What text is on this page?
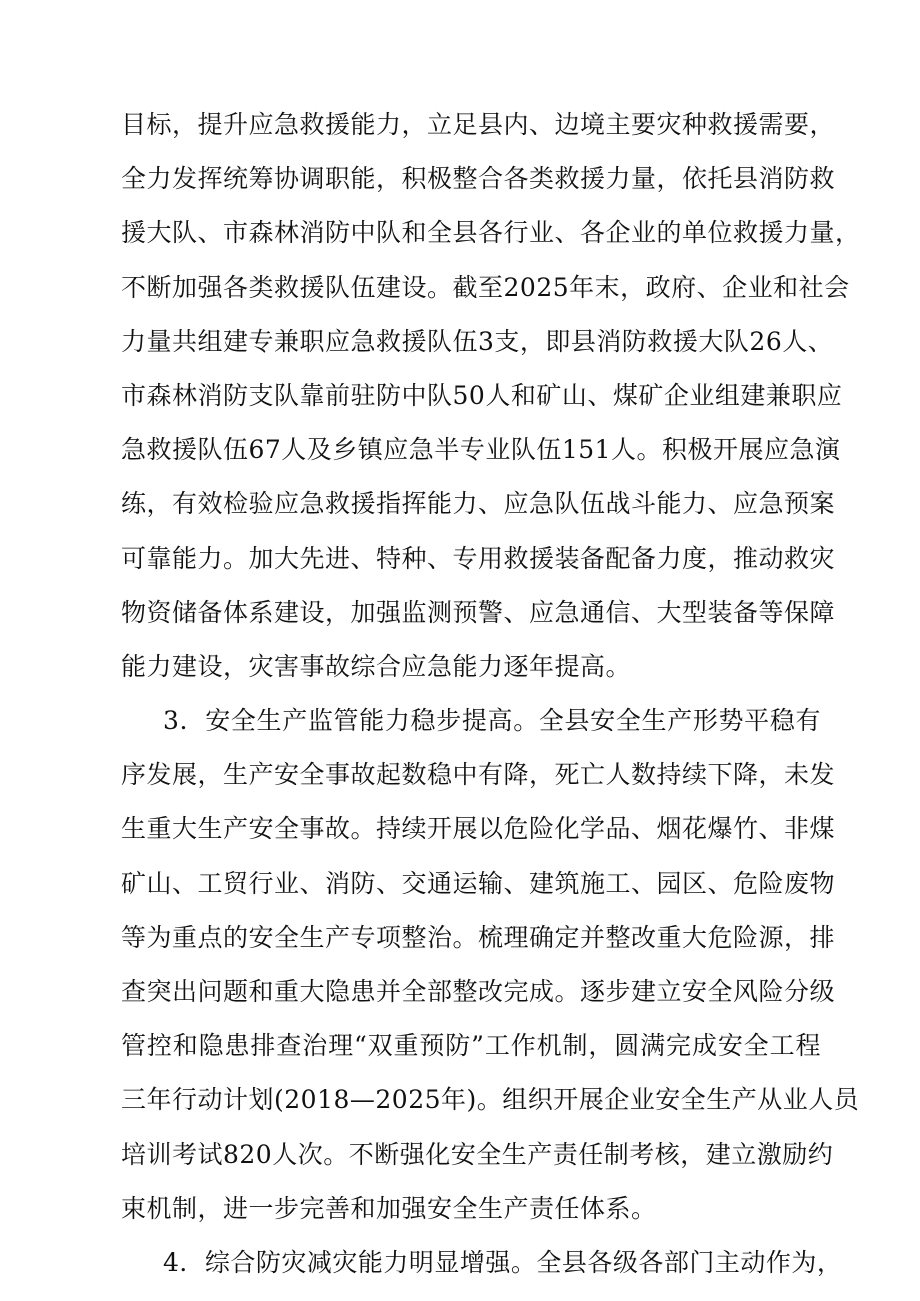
目标，提升应急救援能力，立足县内、边境主要灾种救援需要，
全力发挥统筹协调职能，积极整合各类救援力量，依托县消防救
援大队、市森林消防中队和全县各行业、各企业的单位救援力量，
不断加强各类救援队伍建设。截至2025年末，政府、企业和社会
力量共组建专兼职应急救援队伍3支，即县消防救援大队26人、
市森林消防支队靠前驻防中队50人和矿山、煤矿企业组建兼职应
急救援队伍67人及乡镇应急半专业队伍151人。积极开展应急演
练，有效检验应急救援指挥能力、应急队伍战斗能力、应急预案
可靠能力。加大先进、特种、专用救援装备配备力度，推动救灾
物资储备体系建设，加强监测预警、应急通信、大型装备等保障
能力建设，灾害事故综合应急能力逐年提高。
3．安全生产监管能力稳步提高。全县安全生产形势平稳有
序发展，生产安全事故起数稳中有降，死亡人数持续下降，未发
生重大生产安全事故。持续开展以危险化学品、烟花爆竹、非煤
矿山、工贸行业、消防、交通运输、建筑施工、园区、危险废物
等为重点的安全生产专项整治。梳理确定并整改重大危险源，排
查突出问题和重大隐患并全部整改完成。逐步建立安全风险分级
管控和隐患排查治理“双重预防”工作机制，圆满完成安全工程
三年行动计划(2018—2025年)。组织开展企业安全生产从业人员
培训考试820人次。不断强化安全生产责任制考核，建立激励约
束机制，进一步完善和加强安全生产责任体系。
4．综合防灾减灾能力明显增强。全县各级各部门主动作为，
